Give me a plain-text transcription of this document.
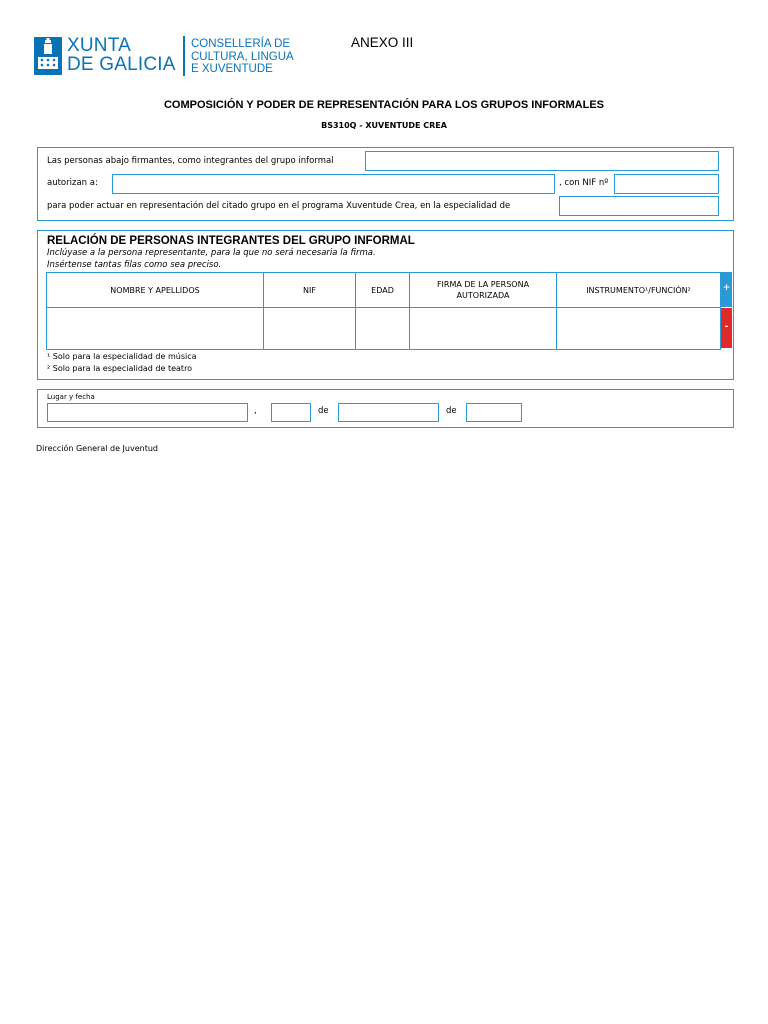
XUNTA
DE GALICIA
CONSELLERÍA DE
CULTURA, LINGUA
E XUVENTUDE
ANEXO III
COMPOSICIÓN Y PODER DE REPRESENTACIÓN PARA LOS GRUPOS INFORMALES
BS310Q - XUVENTUDE CREA
Las personas abajo firmantes, como integrantes del grupo informal
autorizan a:	, con NIF nº
para poder actuar en representación del citado grupo en el programa Xuventude Crea, en la especialidad de
RELACIÓN DE PERSONAS INTEGRANTES DEL GRUPO INFORMAL
Inclúyase a la persona representante, para la que no será necesaria la firma.
Insértense tantas filas como sea preciso.
NOMBRE Y APELLIDOS	NIF	EDAD	FIRMA DE LA PERSONA AUTORIZADA	INSTRUMENTO¹/FUNCIÓN²
					+
-
¹ Solo para la especialidad de música
² Solo para la especialidad de teatro
Lugar y fecha
,	de	de
Dirección General de Juventud
